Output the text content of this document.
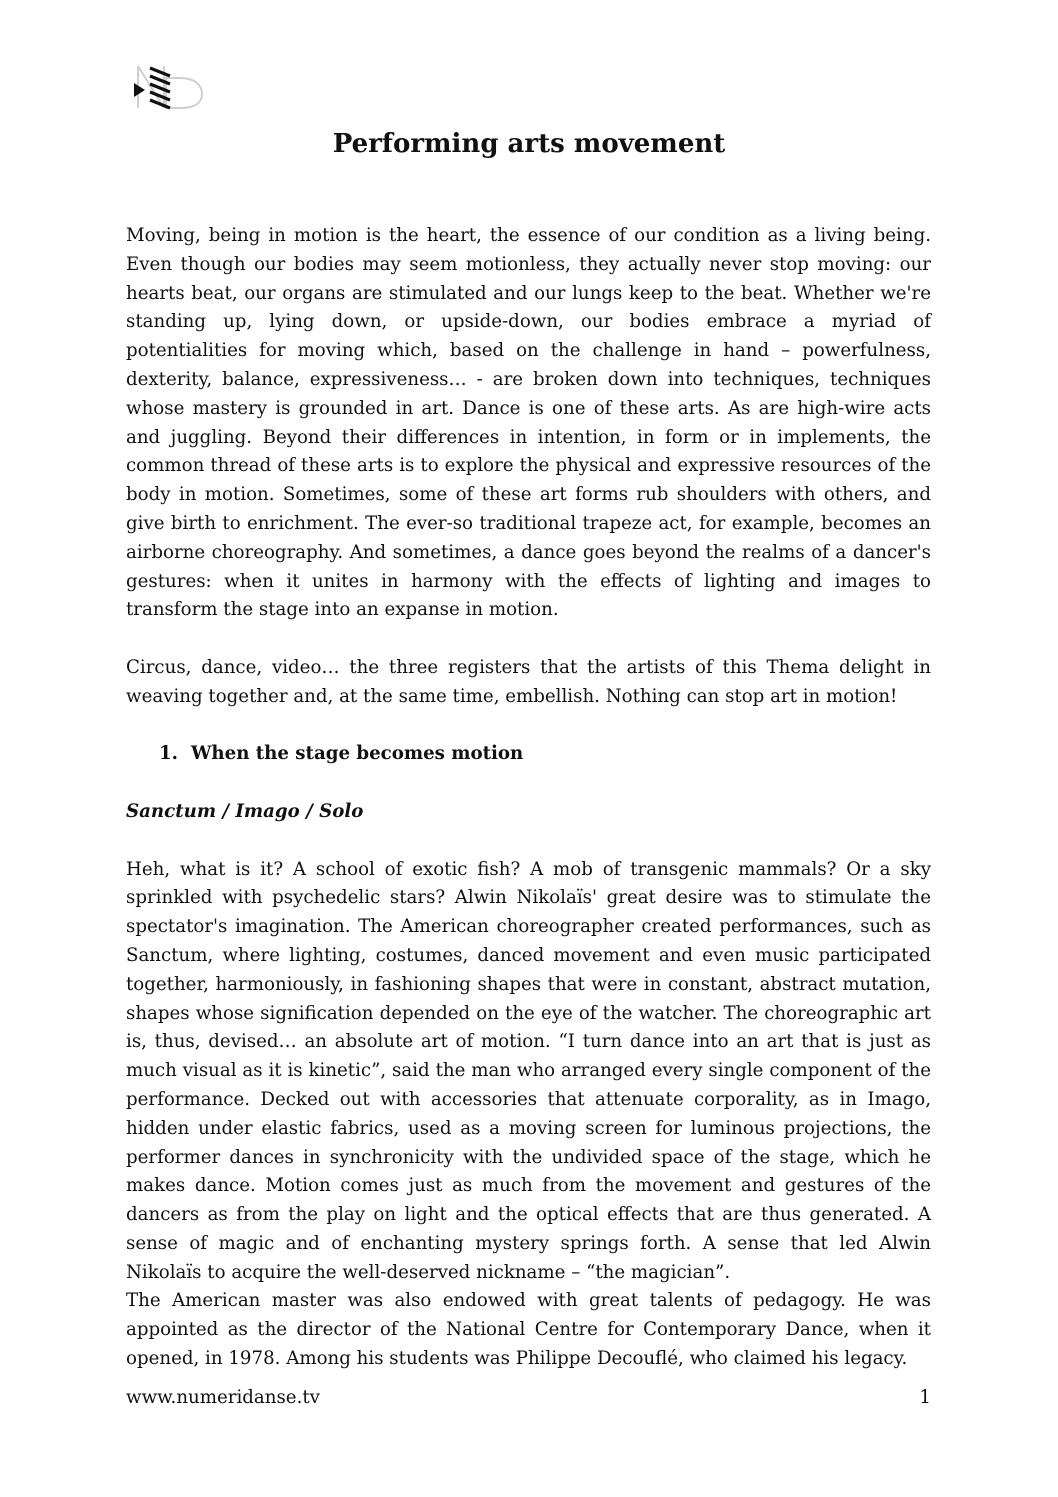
Performing arts movement

Moving, being in motion is the heart, the essence of our condition as a living being. Even though our bodies may seem motionless, they actually never stop moving: our hearts beat, our organs are stimulated and our lungs keep to the beat. Whether we're standing up, lying down, or upside-down, our bodies embrace a myriad of potentialities for moving which, based on the challenge in hand – powerfulness, dexterity, balance, expressiveness… - are broken down into techniques, techniques whose mastery is grounded in art. Dance is one of these arts. As are high-wire acts and juggling. Beyond their differences in intention, in form or in implements, the common thread of these arts is to explore the physical and expressive resources of the body in motion. Sometimes, some of these art forms rub shoulders with others, and give birth to enrichment. The ever-so traditional trapeze act, for example, becomes an airborne choreography. And sometimes, a dance goes beyond the realms of a dancer's gestures: when it unites in harmony with the effects of lighting and images to transform the stage into an expanse in motion.

Circus, dance, video… the three registers that the artists of this Thema delight in weaving together and, at the same time, embellish. Nothing can stop art in motion!

1. When the stage becomes motion

Sanctum / Imago / Solo

Heh, what is it? A school of exotic fish? A mob of transgenic mammals? Or a sky sprinkled with psychedelic stars? Alwin Nikolaïs' great desire was to stimulate the spectator's imagination. The American choreographer created performances, such as Sanctum, where lighting, costumes, danced movement and even music participated together, harmoniously, in fashioning shapes that were in constant, abstract mutation, shapes whose signification depended on the eye of the watcher. The choreographic art is, thus, devised… an absolute art of motion. “I turn dance into an art that is just as much visual as it is kinetic”, said the man who arranged every single component of the performance. Decked out with accessories that attenuate corporality, as in Imago, hidden under elastic fabrics, used as a moving screen for luminous projections, the performer dances in synchronicity with the undivided space of the stage, which he makes dance. Motion comes just as much from the movement and gestures of the dancers as from the play on light and the optical effects that are thus generated. A sense of magic and of enchanting mystery springs forth. A sense that led Alwin Nikolaïs to acquire the well-deserved nickname – “the magician”.

The American master was also endowed with great talents of pedagogy. He was appointed as the director of the National Centre for Contemporary Dance, when it opened, in 1978. Among his students was Philippe Decouflé, who claimed his legacy.

www.numeridanse.tv	1
